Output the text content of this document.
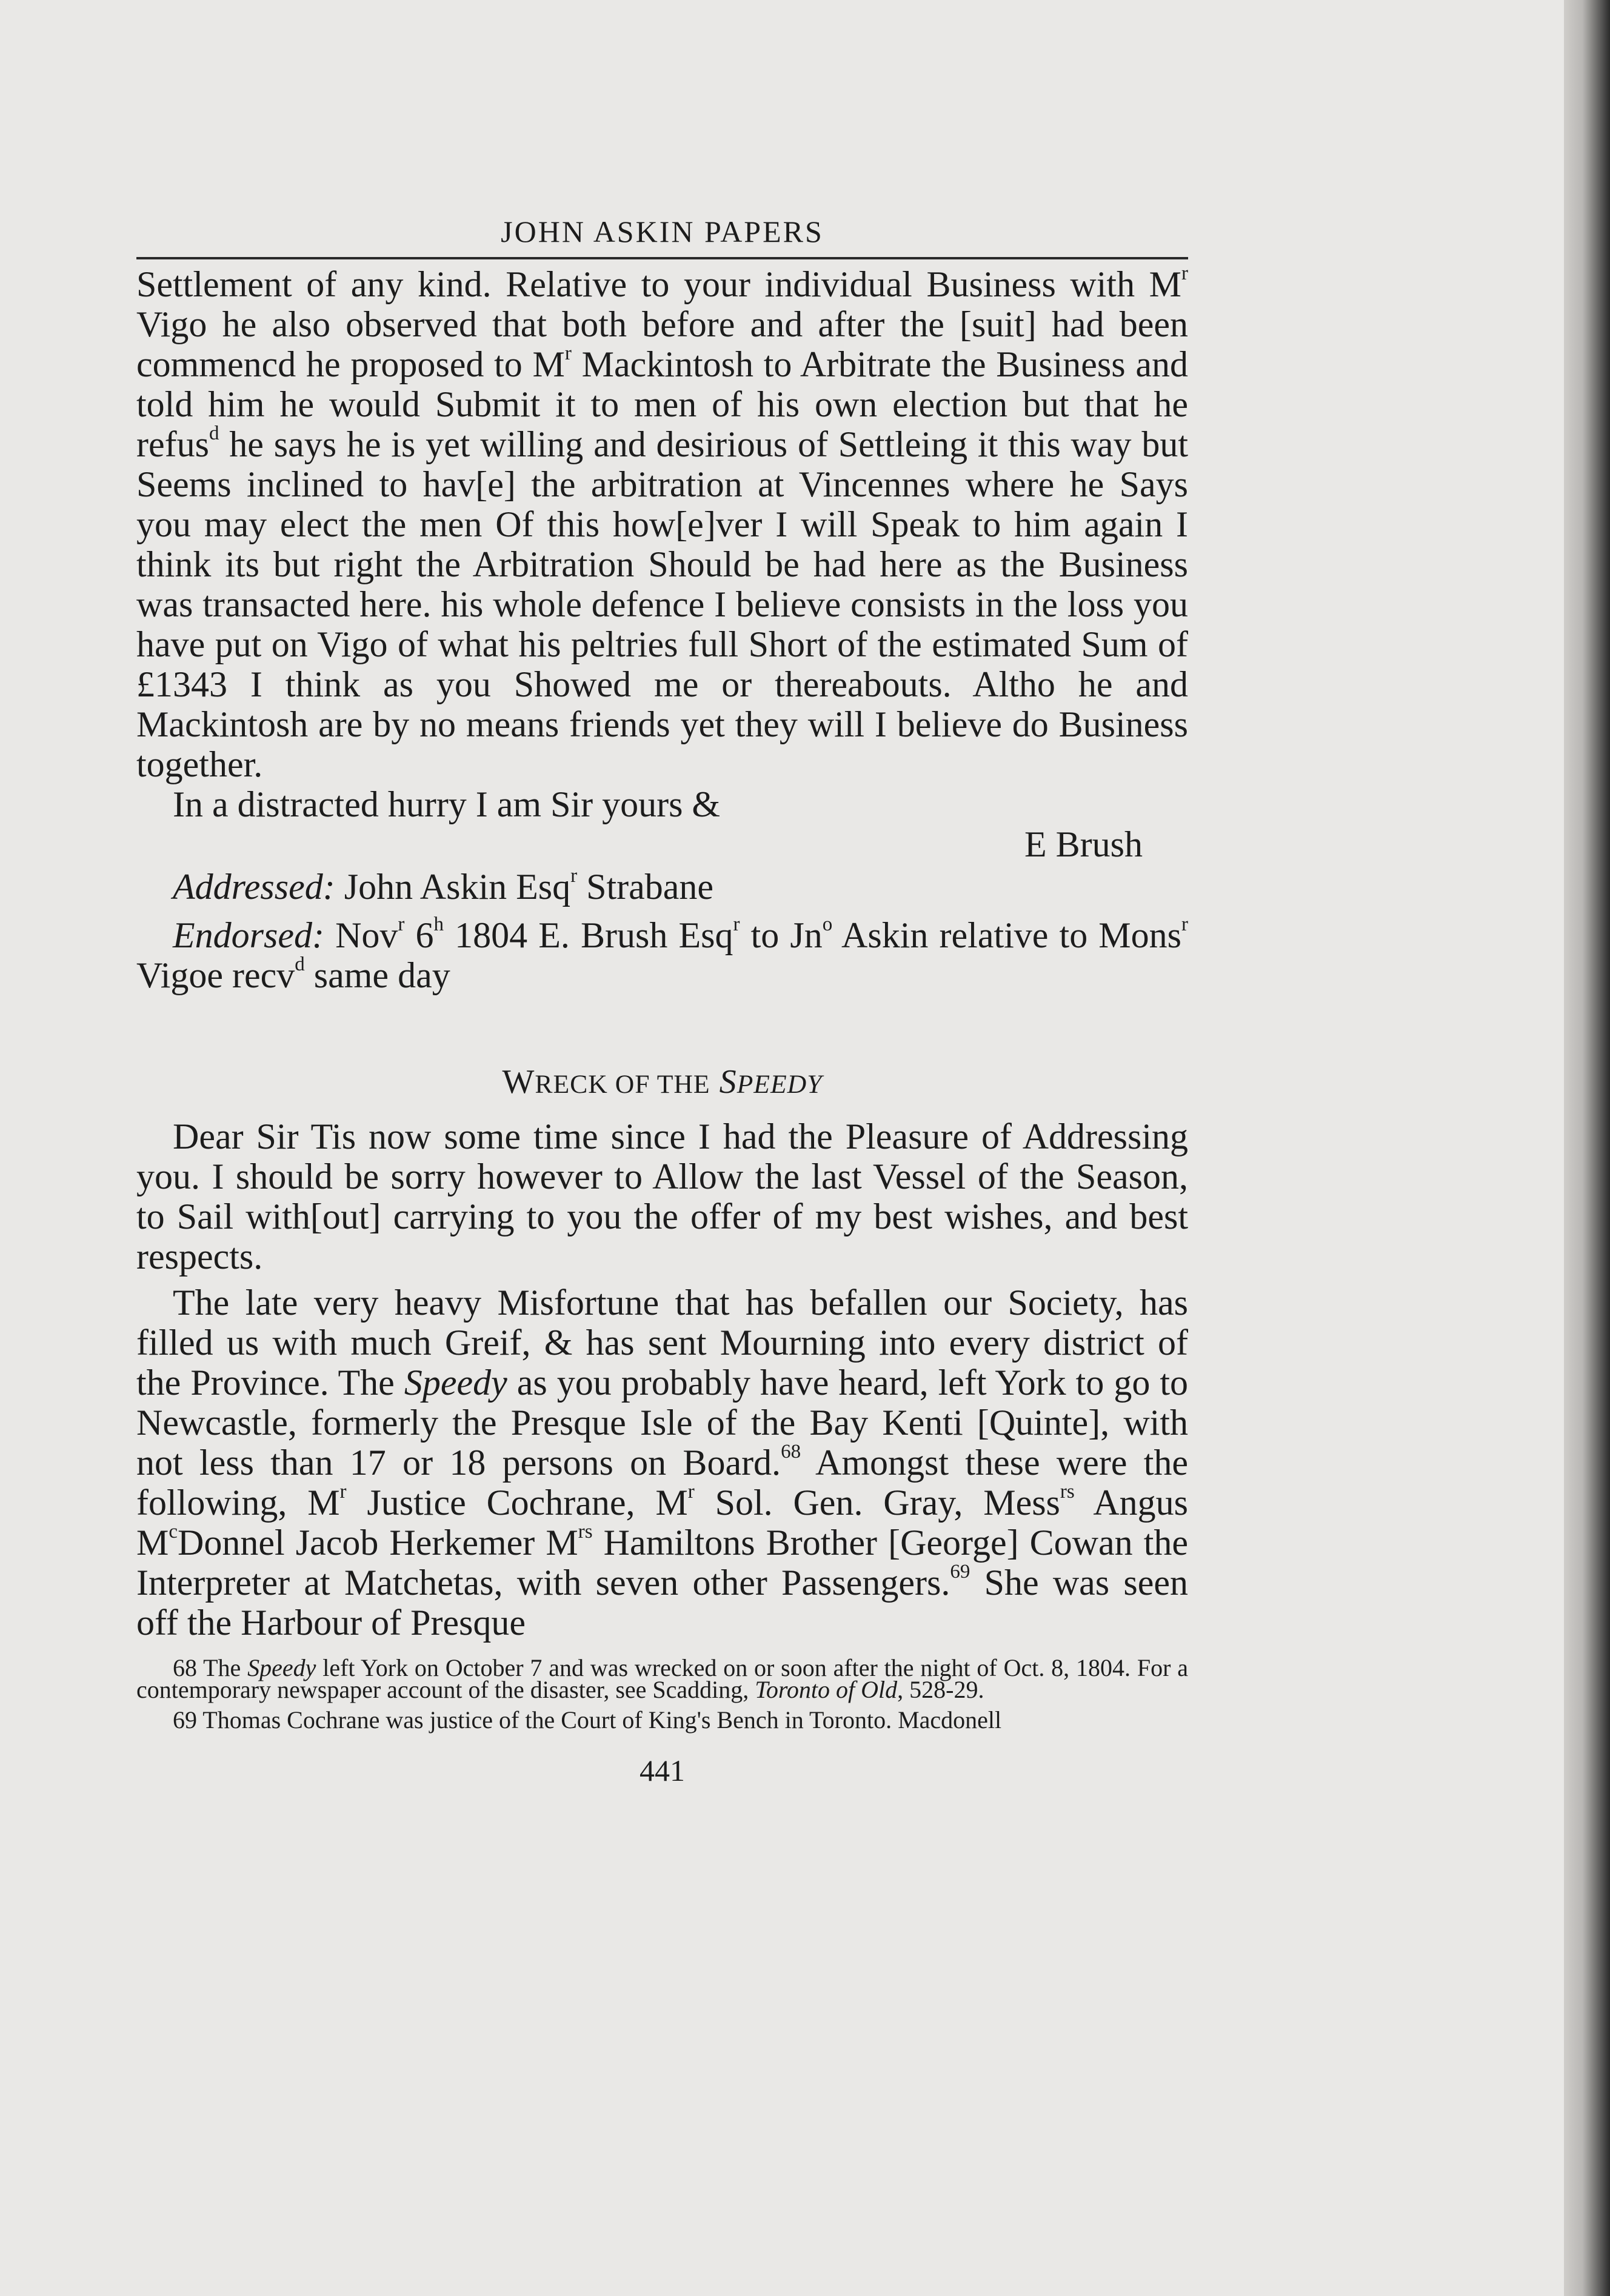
JOHN ASKIN PAPERS

Settlement of any kind. Relative to your individual Business with $M^r$ Vigo he also observed that both before and after the [suit] had been commencd he proposed to $M^r$ Mackintosh to Arbitrate the Business and told him he would Submit it to men of his own election but that he refus$^d$ he says he is yet willing and desirious of Settleing it this way but Seems inclined to hav[e] the arbitration at Vincennes where he Says you may elect the men Of this how[e]ver I will Speak to him again I think its but right the Arbitration Should be had here as the Business was transacted here. his whole defence I believe consists in the loss you have put on Vigo of what his peltries full Short of the estimated Sum of £1343 I think as you Showed me or thereabouts. Altho he and Mackintosh are by no means friends yet they will I believe do Business together.

In a distracted hurry I am Sir yours &

E Brush

Addressed: John Askin Esq$^r$ Strabane

Endorsed: Nov$^r$ 6$^h$ 1804 E. Brush Esq$^r$ to Jn$^o$ Askin relative to Mons$^r$ Vigoe recv$^d$ same day

WRECK OF THE SPEEDY

Dear Sir Tis now some time since I had the Pleasure of Addressing you. I should be sorry however to Allow the last Vessel of the Season, to Sail with[out] carrying to you the offer of my best wishes, and best respects.

The late very heavy Misfortune that has befallen our Society, has filled us with much Greif, & has sent Mourning into every district of the Province. The Speedy as you probably have heard, left York to go to Newcastle, formerly the Presque Isle of the Bay Kenti [Quinte], with not less than 17 or 18 persons on Board.$^{68}$ Amongst these were the following, $M^r$ Justice Cochrane, $M^r$ Sol. Gen. Gray, Mess$^{rs}$ Angus $M^cDonnel$ Jacob Herkemer $M^{rs}$ Hamiltons Brother [George] Cowan the Interpreter at Matchetas, with seven other Passengers.$^{69}$ She was seen off the Harbour of Presque

68 The Speedy left York on October 7 and was wrecked on or soon after the night of Oct. 8, 1804. For a contemporary newspaper account of the disaster, see Scadding, Toronto of Old, 528-29.

69 Thomas Cochrane was justice of the Court of King's Bench in Toronto. Macdonell

441
